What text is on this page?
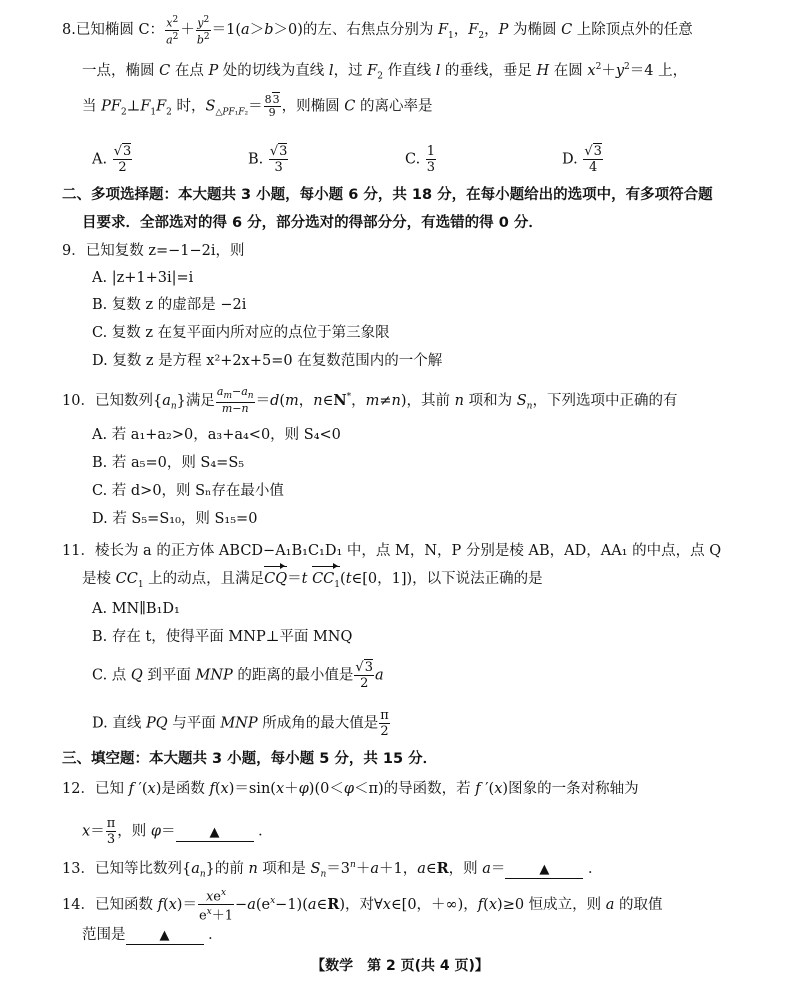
8.已知椭圆 C： $\frac{x^2}{a^2} + \frac{y^2}{b^2} =1(a>b>0)$的左、右焦点分别为 $F_1$，$F_2$，P 为椭圆 C 上除顶点外的任意
一点，椭圆 C 在点 P 处的切线为直线 l，过 $F_2$ 作直线 l 的垂线，垂足 H 在圆 $x^2+y^2=4$ 上，
当 $PF_2\perp F_1F_2$ 时，$S_{\triangle PF_1F_2}= \frac{83}{9}$ ，则椭圆 C 的离心率是
A. $\frac{√3}{2}$	B. $\frac{√3}{3}$	C. $\frac{1}{3}$	D. $\frac{√3}{4}$
二、多项选择题：本大题共 3 小题，每小题 6 分，共 18 分，在每小题给出的选项中，有多项符合题
目要求．全部选对的得 6 分，部分选对的得部分分，有选错的得 0 分．
9．已知复数 z=−1−2i，则
A. |z+1+3i|=i
B. 复数 z 的虚部是 −2i
C. 复数 z 在复平面内所对应的点位于第三象限
D. 复数 z 是方程 x²+2x+5=0 在复数范围内的一个解
10．已知数列$\{a_n\}$满足 $\frac{a_m-a_n}{m-n} =d(m$，n∈N*，m≠n)，其前 n 项和为 $S_n$，下列选项中正确的有
A. 若 a₁+a₂>0，a₃+a₄<0，则 S₄<0
B. 若 a₅=0，则 S₄=S₅
C. 若 d>0，则 Sₙ存在最小值
D. 若 S₅=S₁₀，则 S₁₅=0
11．棱长为 a 的正方体 ABCD−A₁B₁C₁D₁ 中，点 M，N，P 分别是棱 AB，AD，AA₁ 的中点，点 Q
是棱 $CC_1$ 上的动点，且满足CQ＝t $CC_1(t\in[0$，1])，以下说法正确的是
A. MN∥B₁D₁
B. 存在 t，使得平面 MNP⊥平面 MNQ
C. 点 Q 到平面 MNP 的距离的最小值是 $\frac{√3}{2}$ a
D. 直线 PQ 与平面 MNP 所成角的最大值是 $\frac{\pi}{2}$
三、填空题：本大题共 3 小题，每小题 5 分，共 15 分．
12．已知 f ′(x)是函数 f(x)＝sin(x＋φ)(0＜φ＜π)的导函数，若 f ′(x)图象的一条对称轴为
$x= \frac{\pi}{3}$ ，则 φ＝	▲ ．
13．已知等比数列$\{a_n\}$的前 n 项和是 $S_n=3^n+a+1$，a∈R，则 a＝	▲ ．
14．已知函数 $f(x)= \frac{xe^x}{e^x+1}$ $-a(e^x-1)(a\in R)$，对∀x∈[0，＋∞)，f(x)≥0 恒成立，则 a 的取值
范围是	▲ ．
【数学　第 2 页(共 4 页)】
